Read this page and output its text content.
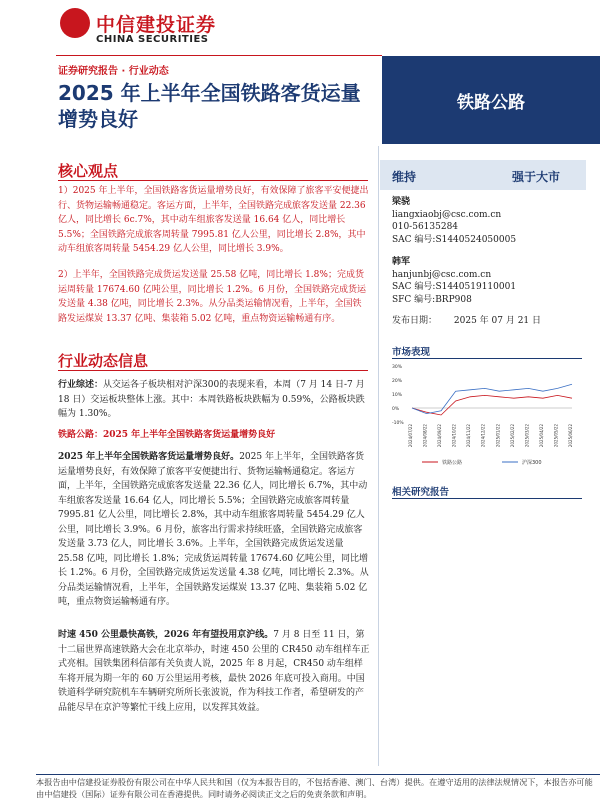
中信建投证券
CHINA SECURITIES
证券研究报告 · 行业动态
2025 年上半年全国铁路客货运量增势良好
铁路公路
核心观点
1）2025 年上半年，全国铁路客货运量增势良好，有效保障了旅客平安便捷出行、货物运输畅通稳定。客运方面，上半年，全国铁路完成旅客发送量 22.36 亿人，同比增长 6c.7%，其中动车组旅客发送量 16.64 亿人，同比增长 5.5%；全国铁路完成旅客周转量 7995.81 亿人公里，同比增长 2.8%，其中动车组旅客周转量 5454.29 亿人公里，同比增长 3.9%。
2）上半年，全国铁路完成货运发送量 25.58 亿吨，同比增长 1.8%；完成货运周转量 17674.60 亿吨公里，同比增长 1.2%。6 月份，全国铁路完成货运发送量 4.38 亿吨，同比增长 2.3%。从分品类运输情况看，上半年，全国铁路发运煤炭 13.37 亿吨、集装箱 5.02 亿吨，重点物资运输畅通有序。
行业动态信息
行业综述：从交运各子板块相对沪深300的表现来看，本周（7 月 14 日-7 月 18 日）交运板块整体上涨。其中：本周铁路板块跌幅为 0.59%，公路板块跌幅为 1.30%。
铁路公路：2025 年上半年全国铁路客货运量增势良好
2025 年上半年全国铁路客货运量增势良好。2025 年上半年，全国铁路客货运量增势良好，有效保障了旅客平安便捷出行、货物运输畅通稳定。客运方面，上半年，全国铁路完成旅客发送量 22.36 亿人，同比增长 6.7%，其中动车组旅客发送量 16.64 亿人，同比增长 5.5%；全国铁路完成旅客周转量 7995.81 亿人公里，同比增长 2.8%，其中动车组旅客周转量 5454.29 亿人公里，同比增长 3.9%。6 月份，旅客出行需求持续旺盛，全国铁路完成旅客发送量 3.73 亿人，同比增长 3.6%。上半年，全国铁路完成货运发送量 25.58 亿吨，同比增长 1.8%；完成货运周转量 17674.60 亿吨公里，同比增长 1.2%。6 月份，全国铁路完成货运发送量 4.38 亿吨，同比增长 2.3%。从分品类运输情况看，上半年，全国铁路发运煤炭 13.37 亿吨、集装箱 5.02 亿吨，重点物资运输畅通有序。
时速 450 公里最快高铁，2026 年有望投用京沪线。7 月 8 日至 11 日，第十二届世界高速铁路大会在北京举办，时速 450 公里的 CR450 动车组样车正式亮相。国铁集团科信部有关负责人说，2025 年 8 月起，CR450 动车组样车将开展为期一年的 60 万公里运用考核，最快 2026 年底可投入商用。中国铁道科学研究院机车车辆研究所所长张波说，作为科技工作者，希望研发的产品能尽早在京沪等繁忙干线上应用，以发挥其效益。
维持	强于大市
梁骁
liangxiaobj@csc.com.cn
010-56135284
SAC 编号:S1440524050005
韩军
hanjunbj@csc.com.cn
SAC 编号:S1440519110001
SFC 编号:BRP908
发布日期： 2025 年 07 月 21 日
市场表现
30%
20%
10%
0%
-10%
2024/07/22 2024/08/22 2024/09/22 2024/10/22 2024/11/22 2024/12/22 2025/01/22 2025/02/22 2025/03/22 2025/04/22 2025/05/22 2025/06/22
铁路公路	沪深300
相关研究报告
本报告由中信建投证券股份有限公司在中华人民共和国（仅为本报告目的，不包括香港、澳门、台湾）提供。在遵守适用的法律法规情况下，本报告亦可能由中信建投（国际）证券有限公司在香港提供。同时请务必阅读正文之后的免责条款和声明。
